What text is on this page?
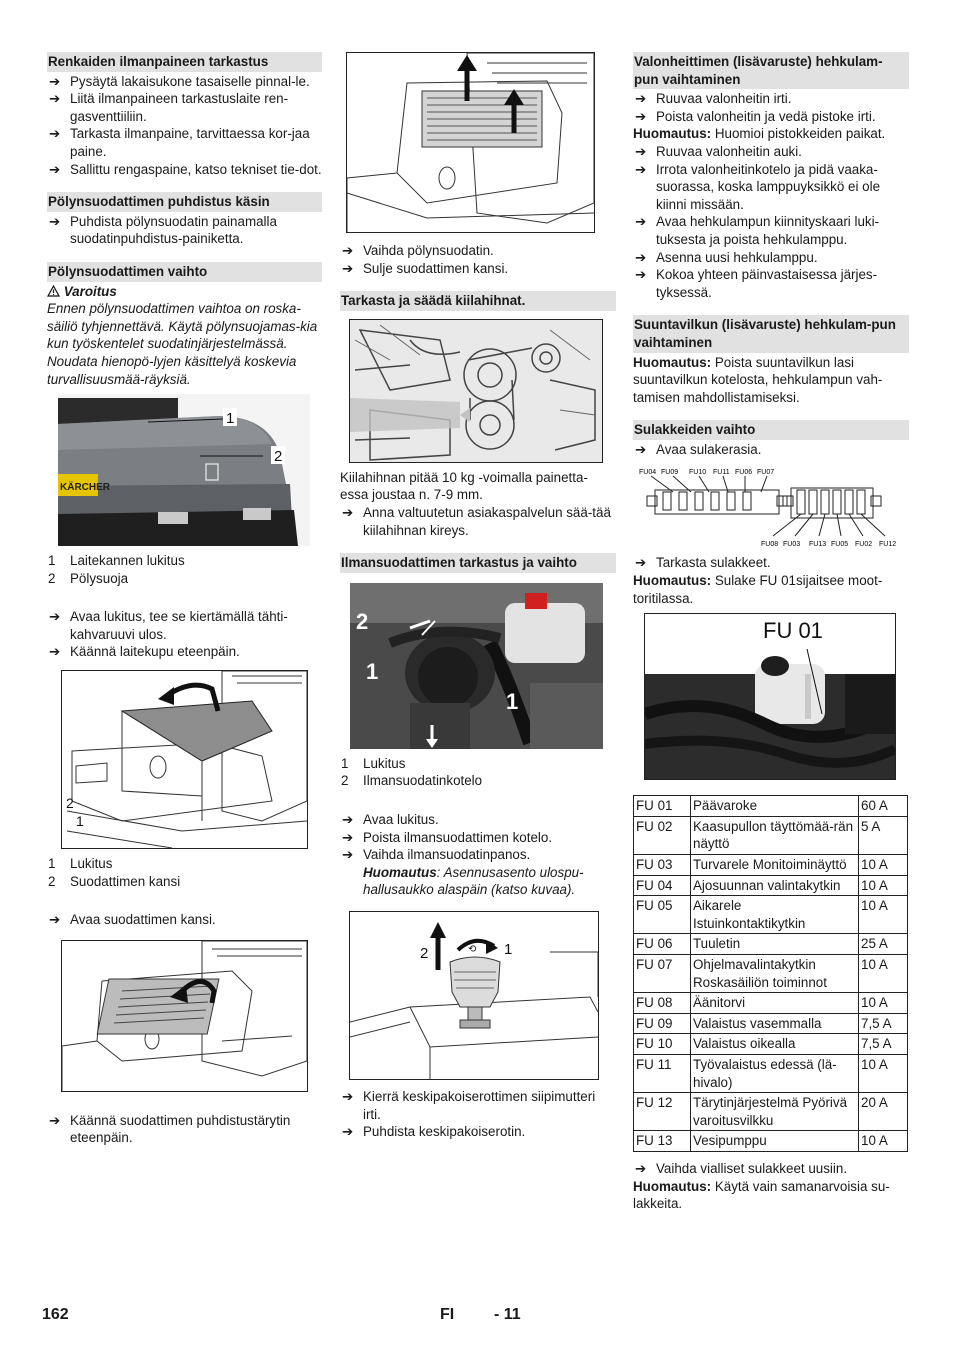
Renkaiden ilmanpaineen tarkastus
➔ Pysäytä lakaisukone tasaiselle pinnal-le.
➔ Liitä ilmanpaineen tarkastuslaite ren-gasventtiiliin.
➔ Tarkasta ilmanpaine, tarvittaessa kor-jaa paine.
➔ Sallittu rengaspaine, katso tekniset tie-dot.
Pölynsuodattimen puhdistus käsin
➔ Puhdista pölynsuodatin painamalla suodatinpuhdistus-painiketta.
Pölynsuodattimen vaihto
Varoitus
Ennen pölynsuodattimen vaihtoa on roska-säiliö tyhjennettävä. Käytä pölynsuojamas-kia kun työskentelet suodatinjärjestelmässä. Noudata hienopö-lyjen käsittelyä koskevia turvallisuusmää-räyksiä.
KÄRCHER
1
2
1 Laitekannen lukitus
2 Pölysuoja
➔ Avaa lukitus, tee se kiertämällä tähti-kahvaruuvi ulos.
➔ Käännä laitekupu eteenpäin.
2
1
1 Lukitus
2 Suodattimen kansi
➔ Avaa suodattimen kansi.
➔ Käännä suodattimen puhdistustärytin eteenpäin.
➔ Vaihda pölynsuodatin.
➔ Sulje suodattimen kansi.
Tarkasta ja säädä kiilahihnat.
Kiilahihnan pitää 10 kg -voimalla painetta-essa joustaa n. 7-9 mm.
➔ Anna valtuutetun asiakaspalvelun sää-tää kiilahihnan kireys.
Ilmansuodattimen tarkastus ja vaihto
2
1
1
1 Lukitus
2 Ilmansuodatinkotelo
➔ Avaa lukitus.
➔ Poista ilmansuodattimen kotelo.
➔ Vaihda ilmansuodatinpanos.
Huomautus: Asennusasento ulospu-hallusaukko alaspäin (katso kuvaa).
⟲
2	1
➔ Kierrä keskipakoiserottimen siipimutteri irti.
➔ Puhdista keskipakoiserotin.
Valonheittimen (lisävaruste) hehkulam-pun vaihtaminen
➔ Ruuvaa valonheitin irti.
➔ Poista valonheitin ja vedä pistoke irti.
Huomautus: Huomioi pistokkeiden paikat.
➔ Ruuvaa valonheitin auki.
➔ Irrota valonheitinkotelo ja pidä vaaka-suorassa, koska lamppuyksikkö ei ole kiinni missään.
➔ Avaa hehkulampun kiinnityskaari luki-tuksesta ja poista hehkulamppu.
➔ Asenna uusi hehkulamppu.
➔ Kokoa yhteen päinvastaisessa järjes-tyksessä.
Suuntavilkun (lisävaruste) hehkulam-pun vaihtaminen
Huomautus: Poista suuntavilkun lasi suuntavilkun kotelosta, hehkulampun vah-tamisen mahdollistamiseksi.
Sulakkeiden vaihto
➔ Avaa sulakerasia.
FU04 FU09 FU10 FU11 FU06 FU07
FU08 FU03 FU13 FU05 FU02 FU12
➔ Tarkasta sulakkeet.
Huomautus: Sulake FU 01sijaitsee moot-toritilassa.
FU 01
FU 01	Päävaroke	60 A
FU 02	Kaasupullon täyttömää-rän näyttö	5 A
FU 03	Turvarele Monitoiminäyttö	10 A
FU 04	Ajosuunnan valintakytkin	10 A
FU 05	Aikarele Istuinkontaktikytkin	10 A
FU 06	Tuuletin	25 A
FU 07	Ohjelmavalintakytkin Roskasäiliön toiminnot	10 A
FU 08	Äänitorvi	10 A
FU 09	Valaistus vasemmalla	7,5 A
FU 10	Valaistus oikealla	7,5 A
FU 11	Työvalaistus edessä (lä-hivalo)	10 A
FU 12	Tärytinjärjestelmä Pyörivä varoitusvilkku	20 A
FU 13	Vesipumppu	10 A
➔ Vaihda vialliset sulakkeet uusiin.
Huomautus: Käytä vain samanarvoisia su-lakkeita.
162	FI - 11
